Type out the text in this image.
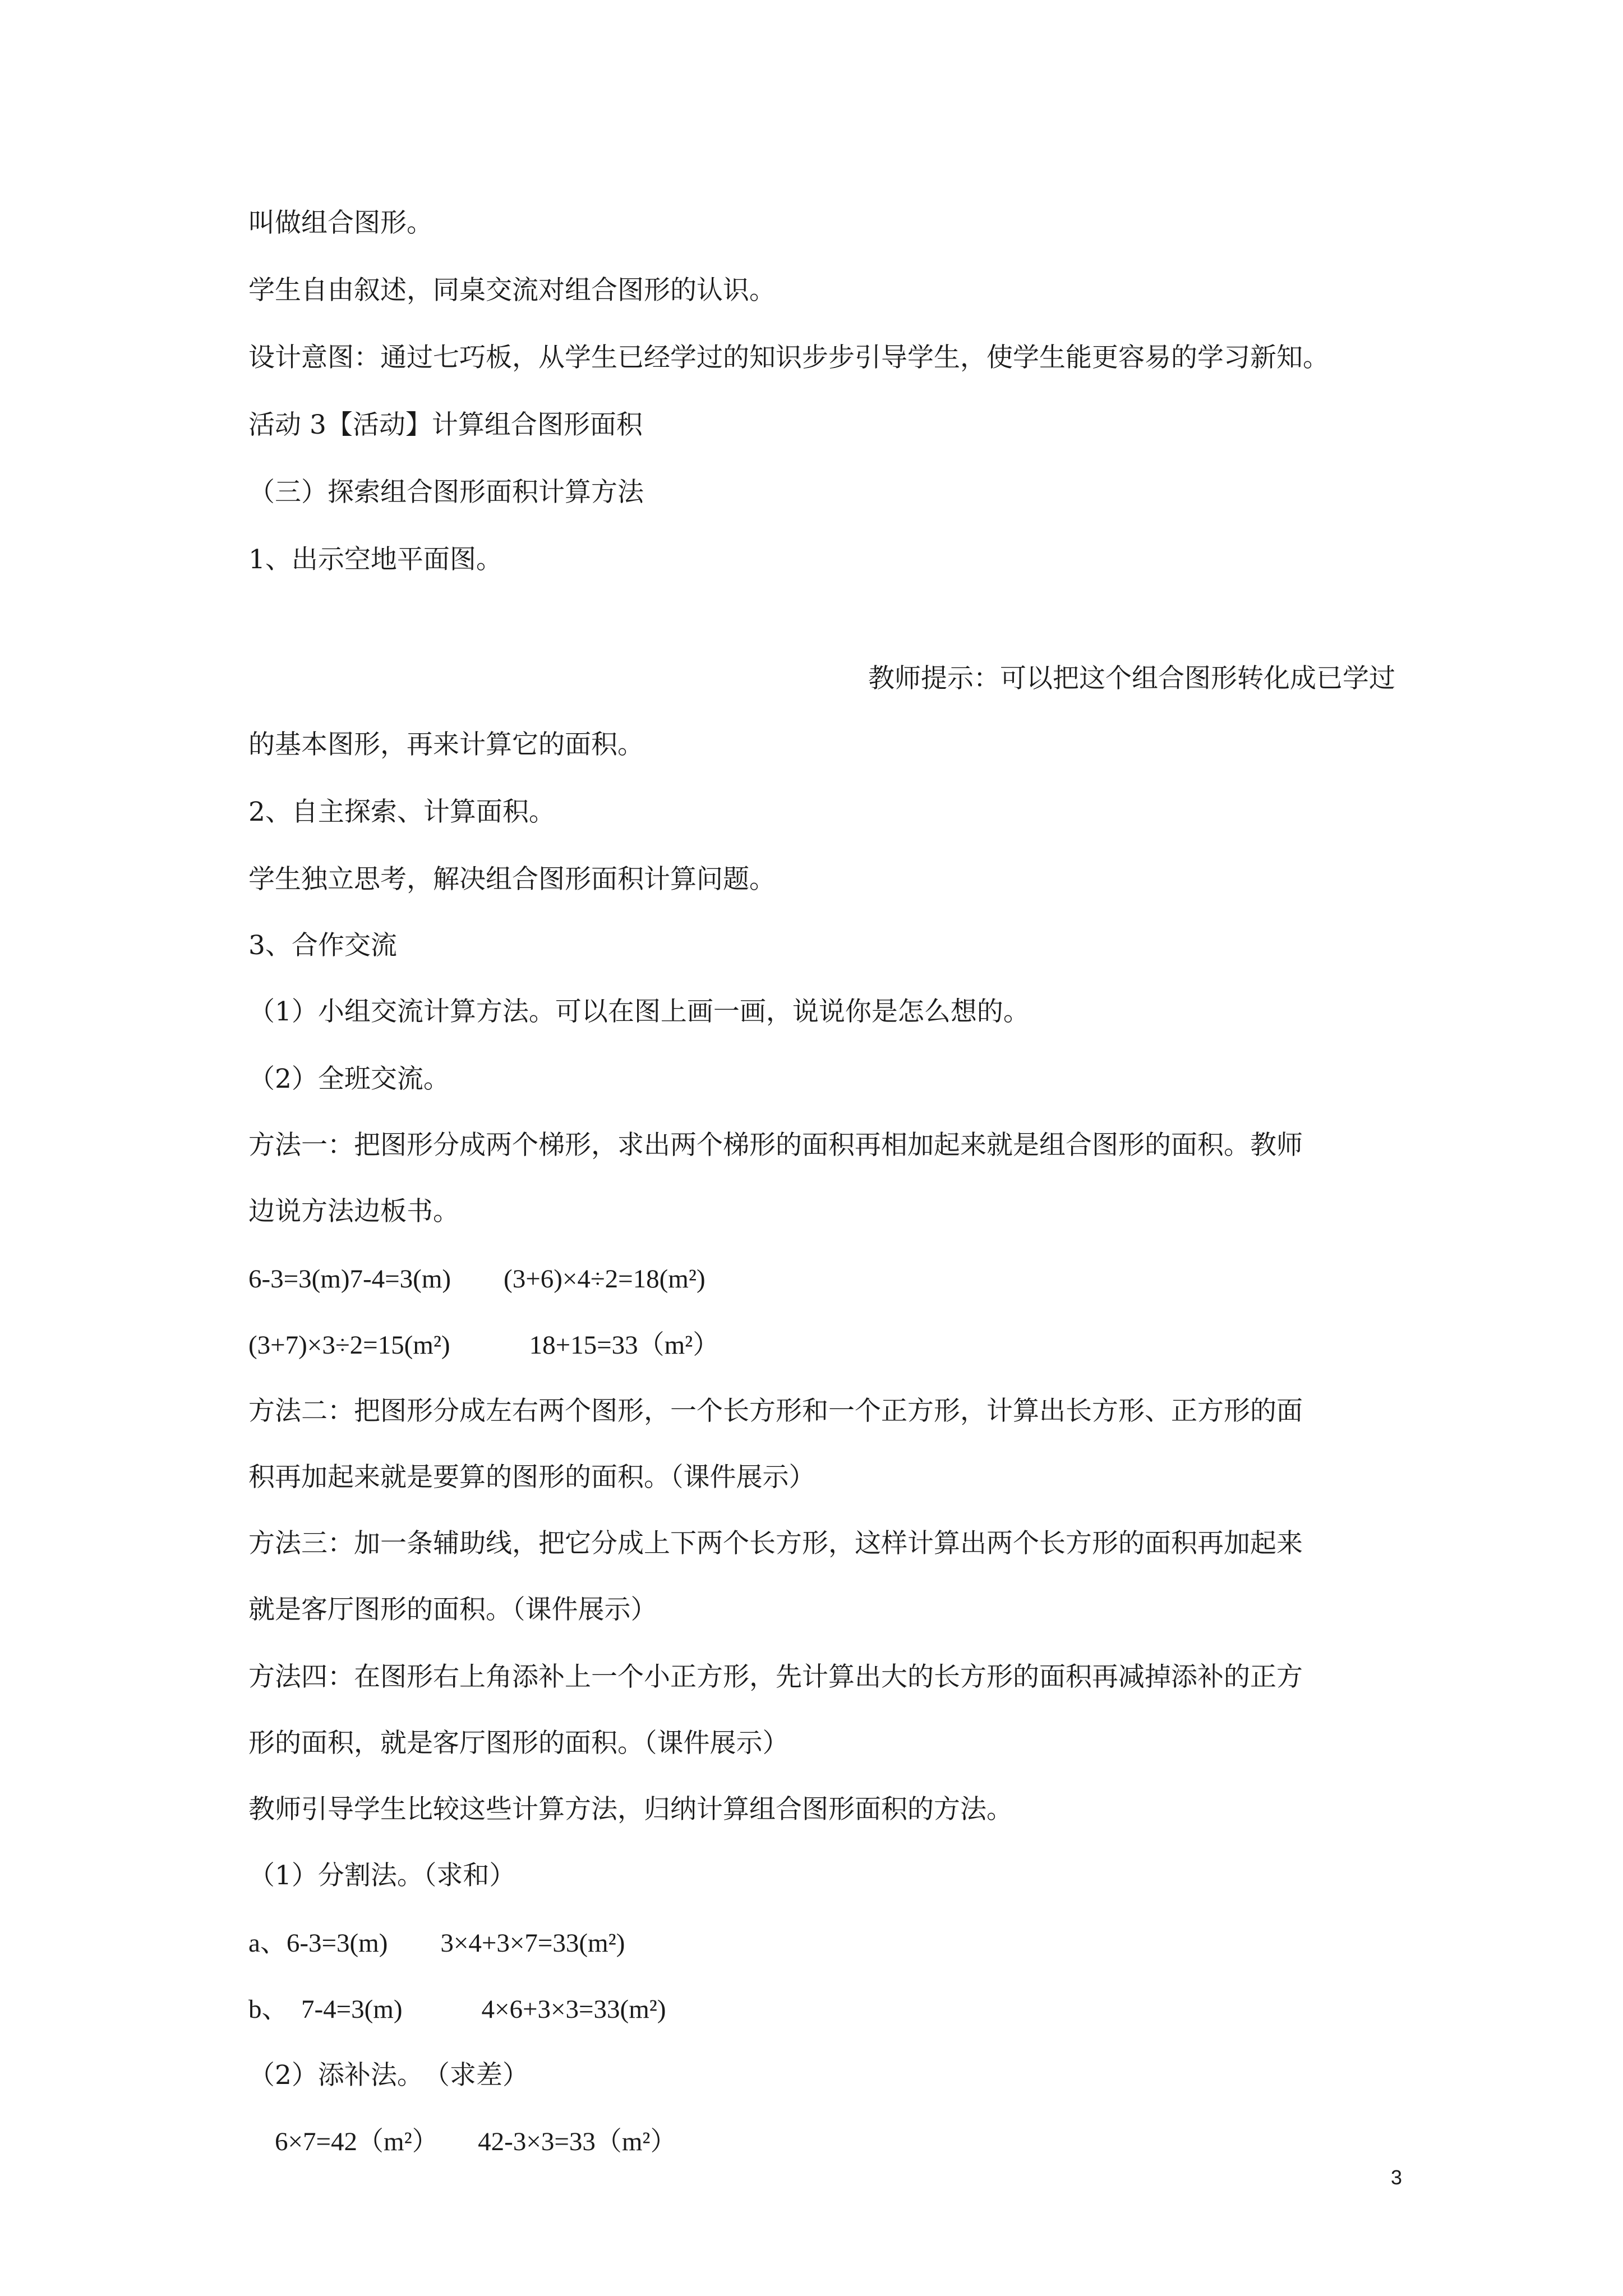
叫做组合图形。
学生自由叙述，同桌交流对组合图形的认识。
设计意图：通过七巧板，从学生已经学过的知识步步引导学生，使学生能更容易的学习新知。
活动 3【活动】计算组合图形面积
（三）探索组合图形面积计算方法
1、出示空地平面图。
教师提示：可以把这个组合图形转化成已学过
的基本图形，再来计算它的面积。
2、自主探索、计算面积。
学生独立思考，解决组合图形面积计算问题。
3、合作交流
（1）小组交流计算方法。可以在图上画一画，说说你是怎么想的。
（2）全班交流。
方法一：把图形分成两个梯形，求出两个梯形的面积再相加起来就是组合图形的面积。教师
边说方法边板书。
6-3=3(m)7-4=3(m)　　(3+6)×4÷2=18(m²)
(3+7)×3÷2=15(m²)　　　18+15=33（m²）
方法二：把图形分成左右两个图形，一个长方形和一个正方形，计算出长方形、正方形的面
积再加起来就是要算的图形的面积。（课件展示）
方法三：加一条辅助线，把它分成上下两个长方形，这样计算出两个长方形的面积再加起来
就是客厅图形的面积。（课件展示）
方法四：在图形右上角添补上一个小正方形，先计算出大的长方形的面积再减掉添补的正方
形的面积，就是客厅图形的面积。（课件展示）
教师引导学生比较这些计算方法，归纳计算组合图形面积的方法。
（1）分割法。（求和）
a、6-3=3(m)　　3×4+3×7=33(m²)
b、　7-4=3(m)　　　4×6+3×3=33(m²)
（2）添补法。　（求差）
　6×7=42（m²）　　42-3×3=33（m²）
3
